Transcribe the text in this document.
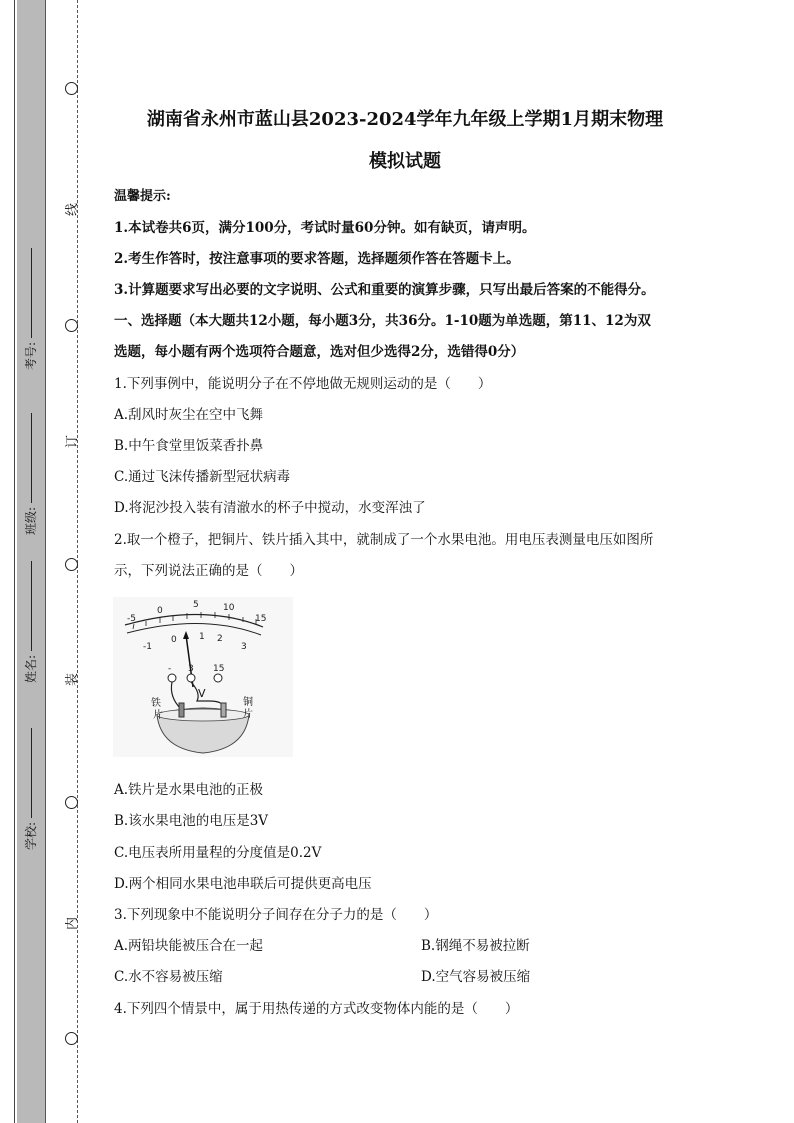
线
订
装
内
考号:
班级:
姓名:
学校:
湖南省永州市蓝山县2023-2024学年九年级上学期1月期末物理
模拟试题
温馨提示:
1.本试卷共6页，满分100分，考试时量60分钟。如有缺页，请声明。
2.考生作答时，按注意事项的要求答题，选择题须作答在答题卡上。
3.计算题要求写出必要的文字说明、公式和重要的演算步骤，只写出最后答案的不能得分。
一、选择题（本大题共12小题，每小题3分，共36分。1-10题为单选题，第11、12为双
选题，每小题有两个选项符合题意，选对但少选得2分，选错得0分）
1.下列事例中，能说明分子在不停地做无规则运动的是（　　）
A.刮风时灰尘在空中飞舞
B.中午食堂里饭菜香扑鼻
C.通过飞沫传播新型冠状病毒
D.将泥沙投入装有清澈水的杯子中搅动，水变浑浊了
2.取一个橙子，把铜片、铁片插入其中，就制成了一个水果电池。用电压表测量电压如图所
示，下列说法正确的是（　　）
-5
0
5	10
15
-1
0 1 2
3
- 3 15
V
铁
片
铜
片
A.铁片是水果电池的正极
B.该水果电池的电压是3V
C.电压表所用量程的分度值是0.2V
D.两个相同水果电池串联后可提供更高电压
3.下列现象中不能说明分子间存在分子力的是（　　）
A.两铅块能被压合在一起	B.钢绳不易被拉断
C.水不容易被压缩	D.空气容易被压缩
4.下列四个情景中，属于用热传递的方式改变物体内能的是（　　）
